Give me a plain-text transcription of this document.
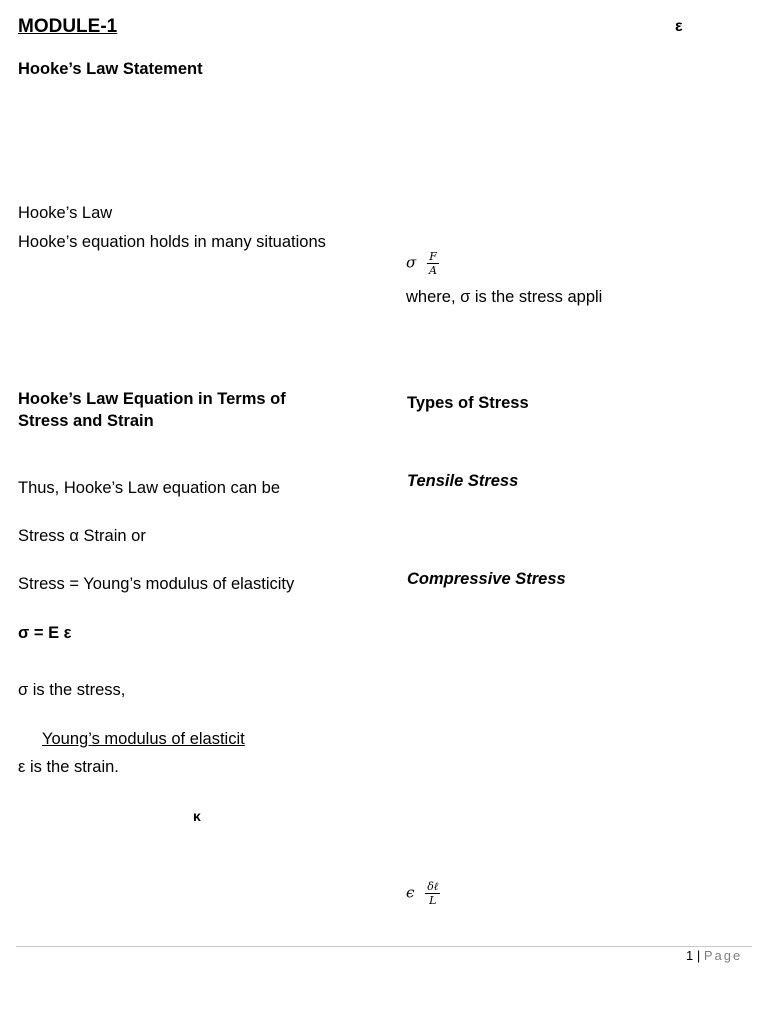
MODULE-1	ε
Hooke’s Law Statement
Hooke’s Law
Hooke’s equation holds in many situations
Hooke’s Law Equation in Terms of Stress and Strain
Thus, Hooke’s Law equation can be
Stress α Strain or
Stress = Young’s modulus of elasticity
σ = E ε
σ is the stress,
Young’s modulus of elasticit
ε is the strain.
κ
σ $\frac{F}{A}$
where, σ is the stress appli
Types of Stress
Tensile Stress
Compressive Stress
ϵ $\frac{\text{δℓ}}{L}$
1 | Page
